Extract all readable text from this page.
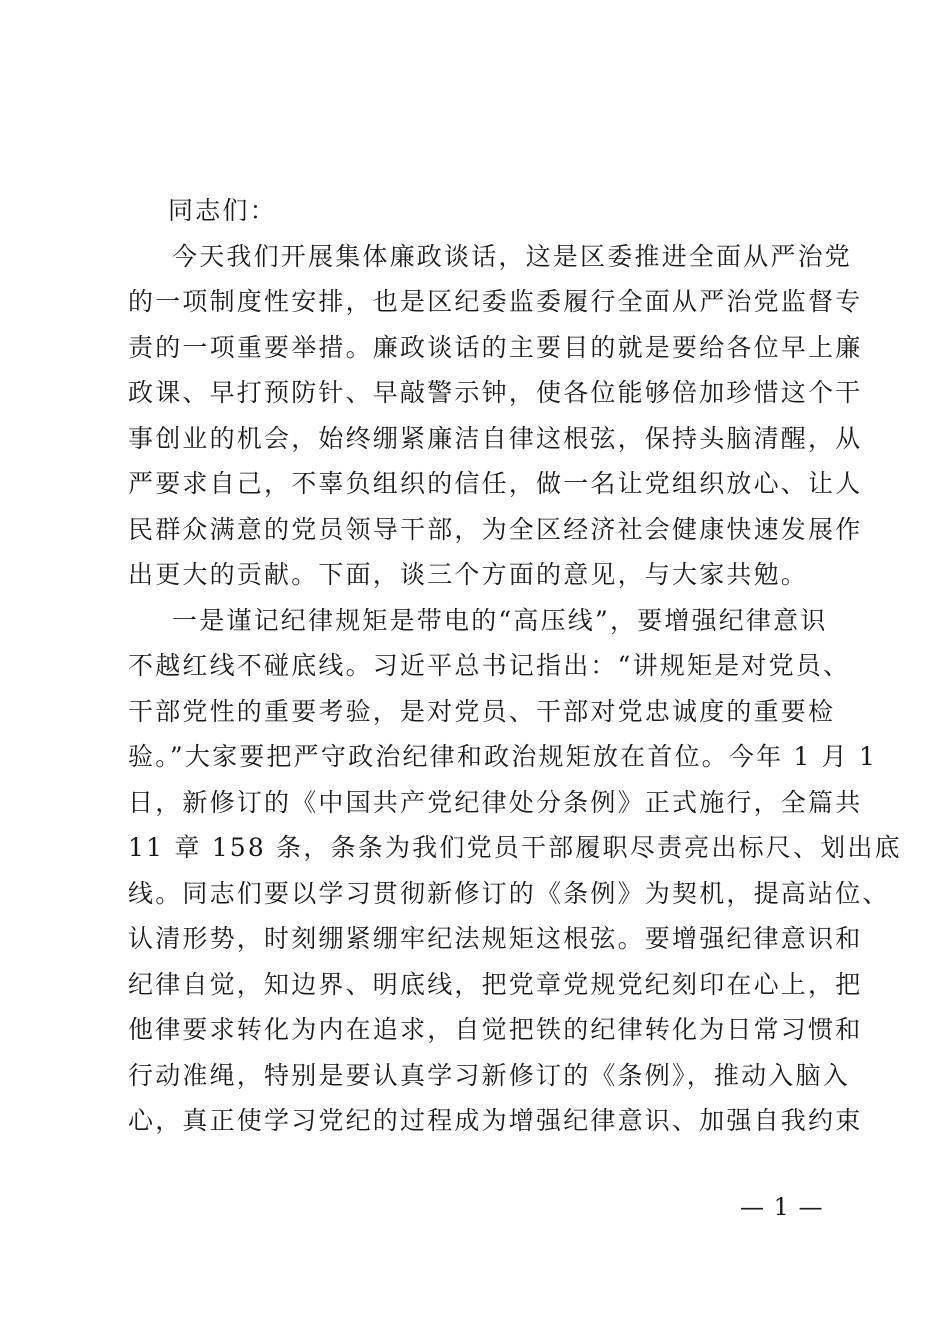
同志们：
今天我们开展集体廉政谈话，这是区委推进全面从严治党
的一项制度性安排，也是区纪委监委履行全面从严治党监督专
责的一项重要举措。廉政谈话的主要目的就是要给各位早上廉
政课、早打预防针、早敲警示钟，使各位能够倍加珍惜这个干
事创业的机会，始终绷紧廉洁自律这根弦，保持头脑清醒，从
严要求自己，不辜负组织的信任，做一名让党组织放心、让人
民群众满意的党员领导干部，为全区经济社会健康快速发展作
出更大的贡献。下面，谈三个方面的意见，与大家共勉。
一是谨记纪律规矩是带电的“高压线”，要增强纪律意识
不越红线不碰底线。习近平总书记指出：“讲规矩是对党员、
干部党性的重要考验，是对党员、干部对党忠诚度的重要检
验。”大家要把严守政治纪律和政治规矩放在首位。今年 1 月 1
日，新修订的《中国共产党纪律处分条例》正式施行，全篇共
11 章 158 条，条条为我们党员干部履职尽责亮出标尺、划出底
线。同志们要以学习贯彻新修订的《条例》为契机，提高站位、
认清形势，时刻绷紧绷牢纪法规矩这根弦。要增强纪律意识和
纪律自觉，知边界、明底线，把党章党规党纪刻印在心上，把
他律要求转化为内在追求，自觉把铁的纪律转化为日常习惯和
行动准绳，特别是要认真学习新修订的《条例》，推动入脑入
心，真正使学习党纪的过程成为增强纪律意识、加强自我约束
— 1 —
